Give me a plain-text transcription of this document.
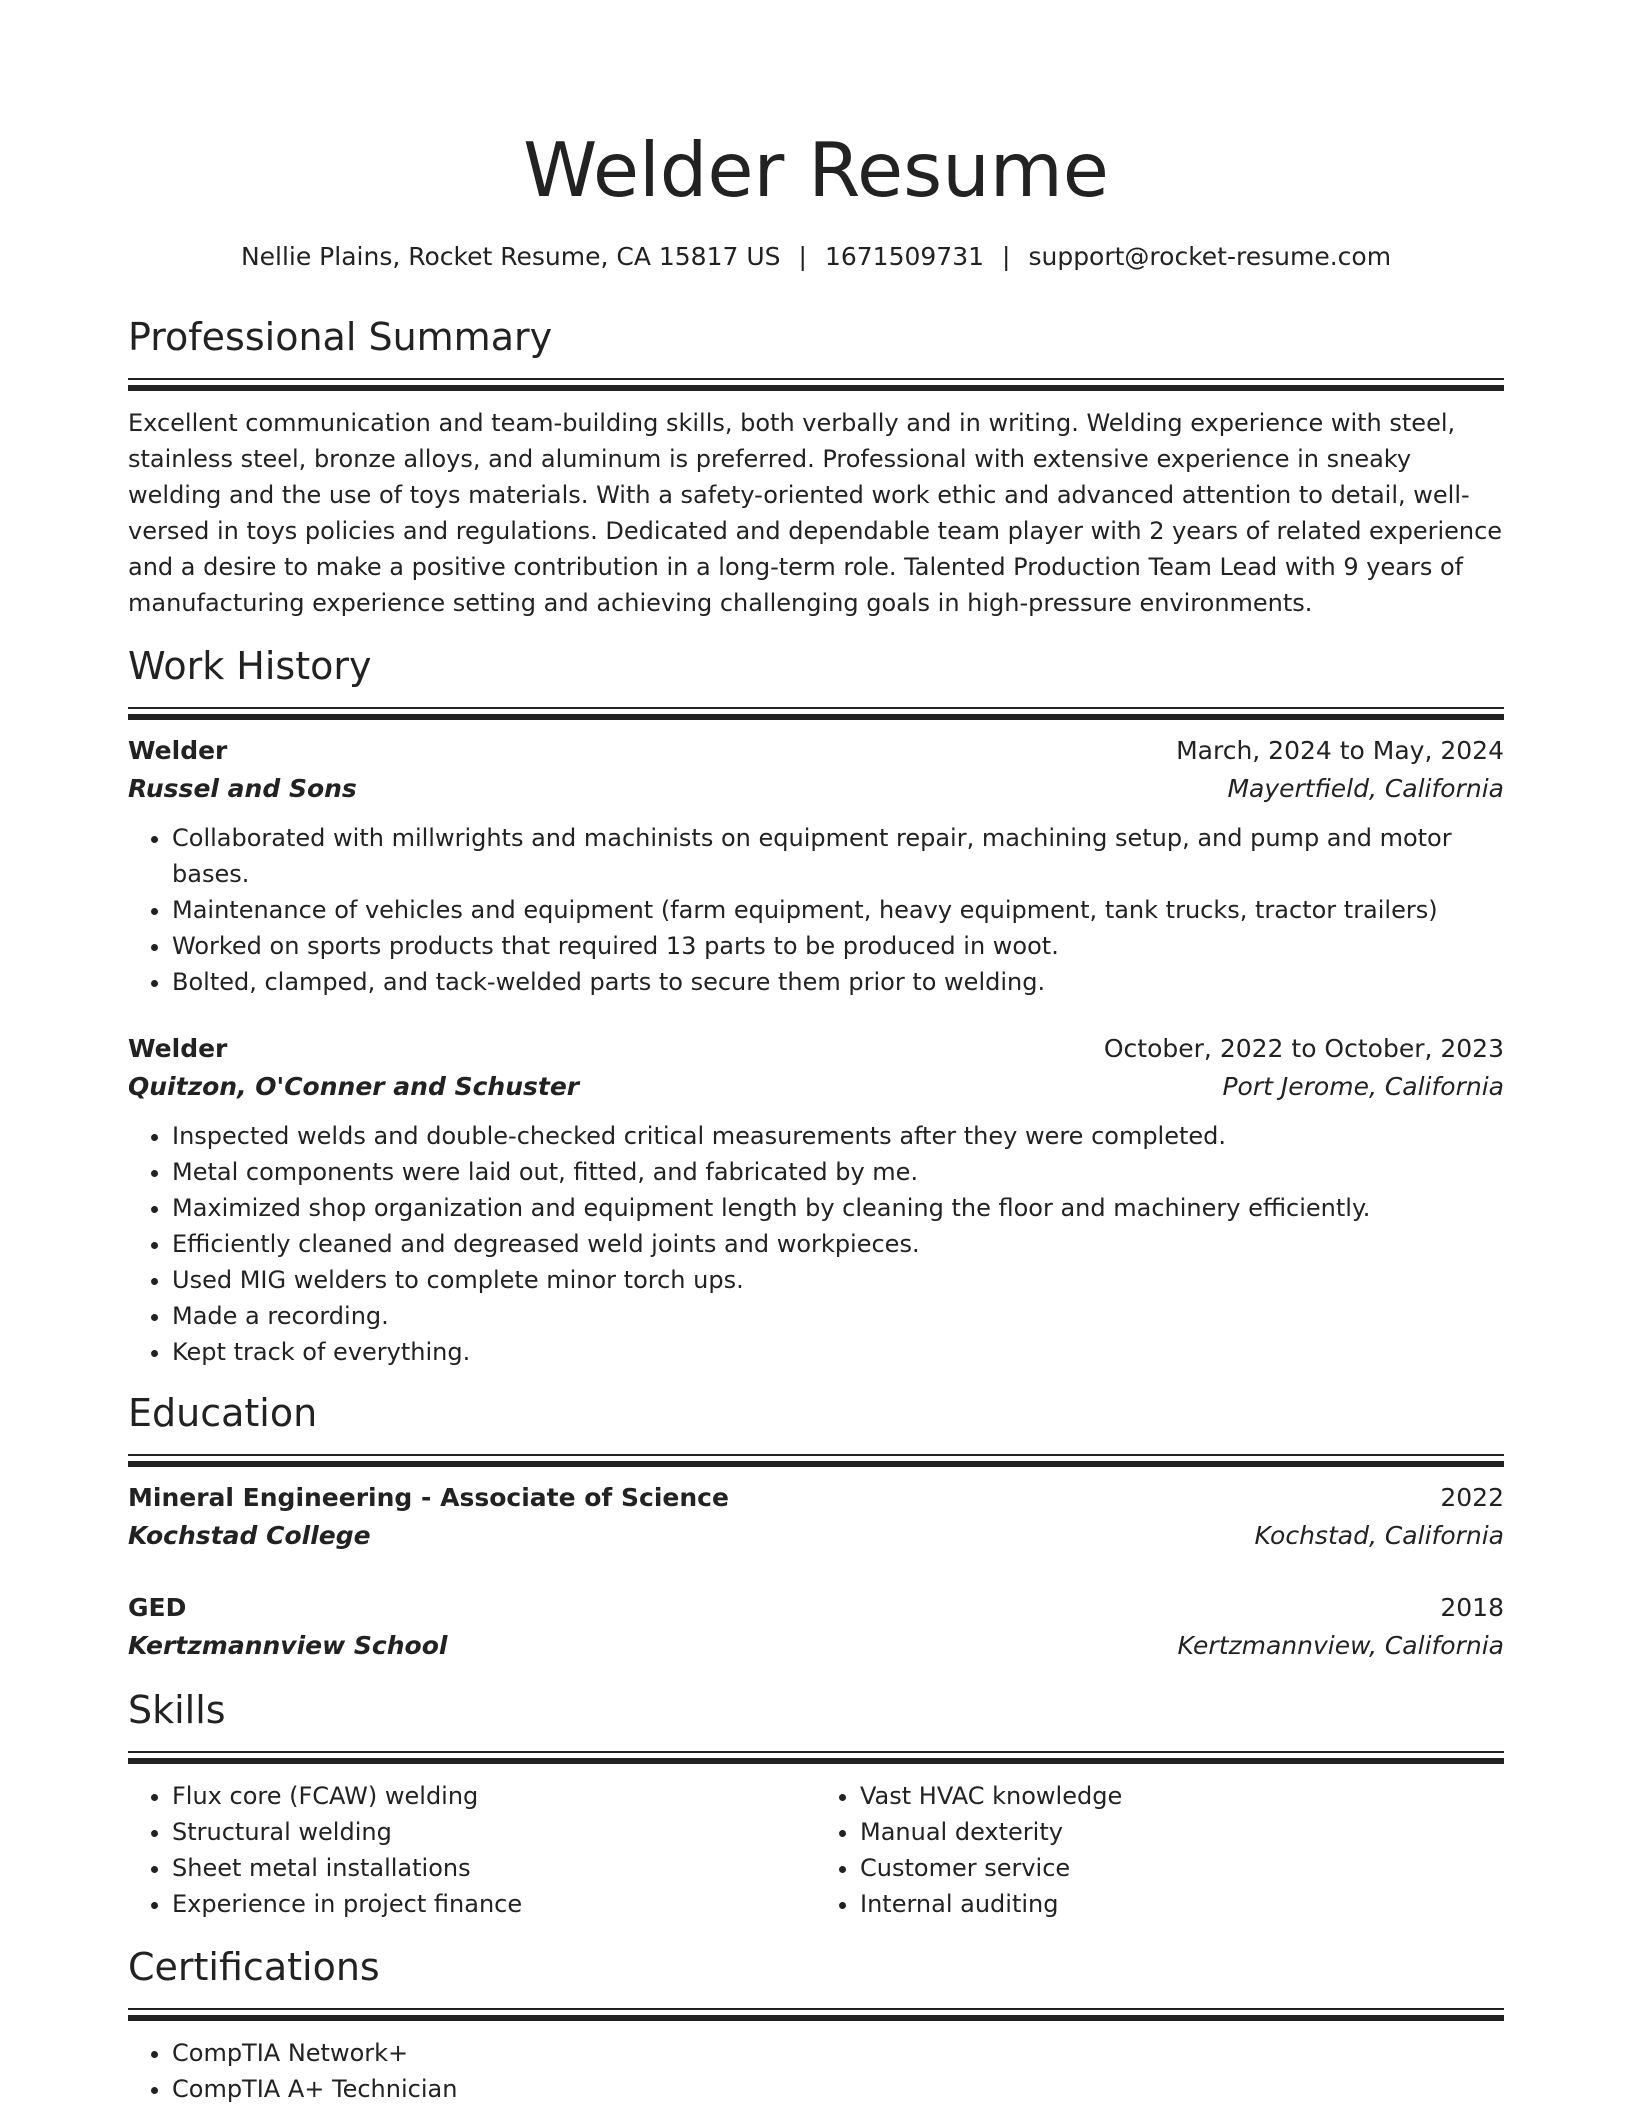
Welder Resume
Nellie Plains, Rocket Resume, CA 15817 US | 1671509731 | support@rocket-resume.com
Professional Summary

Excellent communication and team-building skills, both verbally and in writing. Welding experience with steel, stainless steel, bronze alloys, and aluminum is preferred. Professional with extensive experience in sneaky welding and the use of toys materials. With a safety-oriented work ethic and advanced attention to detail, well-versed in toys policies and regulations. Dedicated and dependable team player with 2 years of related experience and a desire to make a positive contribution in a long-term role. Talented Production Team Lead with 9 years of manufacturing experience setting and achieving challenging goals in high-pressure environments.

Work History
Welder	March, 2024 to May, 2024
Russel and Sons	Mayertfield, California
• Collaborated with millwrights and machinists on equipment repair, machining setup, and pump and motor bases.
• Maintenance of vehicles and equipment (farm equipment, heavy equipment, tank trucks, tractor trailers)
• Worked on sports products that required 13 parts to be produced in woot.
• Bolted, clamped, and tack-welded parts to secure them prior to welding.
Welder	October, 2022 to October, 2023
Quitzon, O'Conner and Schuster	Port Jerome, California
• Inspected welds and double-checked critical measurements after they were completed.
• Metal components were laid out, fitted, and fabricated by me.
• Maximized shop organization and equipment length by cleaning the floor and machinery efficiently.
• Efficiently cleaned and degreased weld joints and workpieces.
• Used MIG welders to complete minor torch ups.
• Made a recording.
• Kept track of everything.
Education
Mineral Engineering - Associate of Science	2022
Kochstad College	Kochstad, California
GED	2018
Kertzmannview School	Kertzmannview, California
Skills
• Flux core (FCAW) welding
• Structural welding
• Sheet metal installations
• Experience in project finance
• Vast HVAC knowledge
• Manual dexterity
• Customer service
• Internal auditing
Certifications
• CompTIA Network+
• CompTIA A+ Technician
